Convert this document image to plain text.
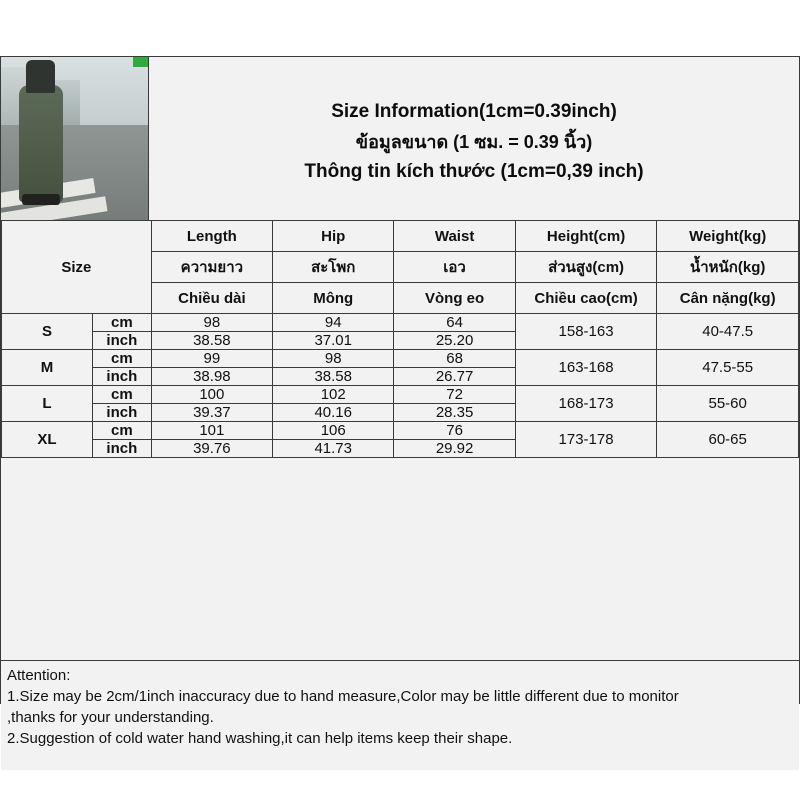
Size Information(1cm=0.39inch)
ข้อมูลขนาด (1 ซม. = 0.39 นิ้ว)
Thông tin kích thước (1cm=0,39 inch)
Size		Length	Hip	Waist	Height(cm)	Weight(kg)
		ความยาว	สะโพก	เอว	ส่วนสูง(cm)	น้ำหนัก(kg)
		Chiều dài	Mông	Vòng eo	Chiều cao(cm)	Cân nặng(kg)
S	cm	98	94	64	158-163	40-47.5
	inch	38.58	37.01	25.20		
M	cm	99	98	68	163-168	47.5-55
	inch	38.98	38.58	26.77		
L	cm	100	102	72	168-173	55-60
	inch	39.37	40.16	28.35		
XL	cm	101	106	76	173-178	60-65
	inch	39.76	41.73	29.92		

Attention:

1.Size may be 2cm/1inch inaccuracy due to hand measure,Color may be little different due to monitor

,thanks for your understanding.

2.Suggestion of cold water hand washing,it can help items keep their shape.
